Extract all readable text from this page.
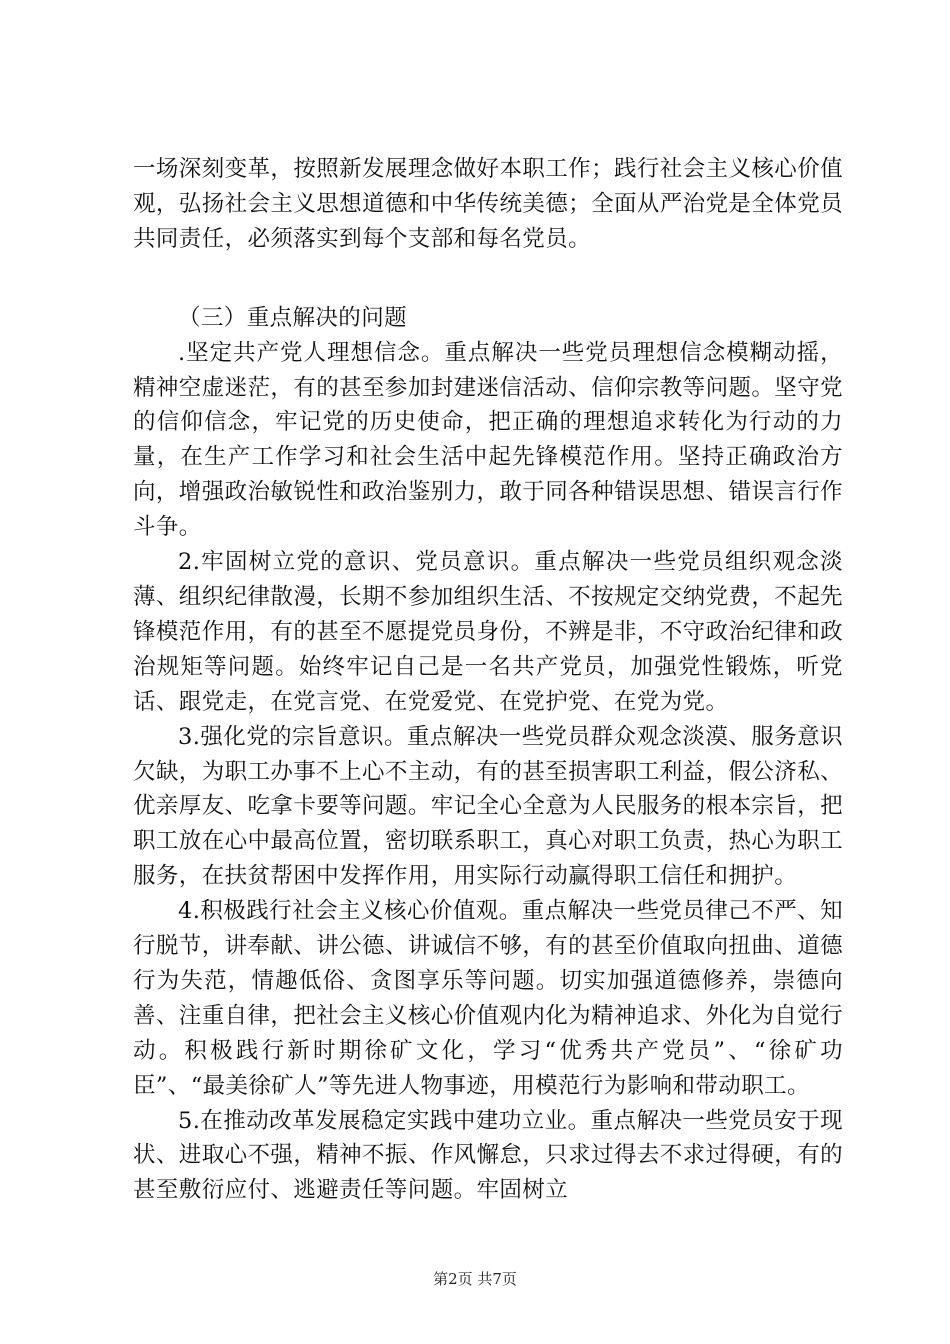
一场深刻变革，按照新发展理念做好本职工作；践行社会主义核心价值观，弘扬社会主义思想道德和中华传统美德；全面从严治党是全体党员共同责任，必须落实到每个支部和每名党员。

（三）重点解决的问题

.坚定共产党人理想信念。重点解决一些党员理想信念模糊动摇，精神空虚迷茫，有的甚至参加封建迷信活动、信仰宗教等问题。坚守党的信仰信念，牢记党的历史使命，把正确的理想追求转化为行动的力量，在生产工作学习和社会生活中起先锋模范作用。坚持正确政治方向，增强政治敏锐性和政治鉴别力，敢于同各种错误思想、错误言行作斗争。

2.牢固树立党的意识、党员意识。重点解决一些党员组织观念淡薄、组织纪律散漫，长期不参加组织生活、不按规定交纳党费，不起先锋模范作用，有的甚至不愿提党员身份，不辨是非，不守政治纪律和政治规矩等问题。始终牢记自己是一名共产党员，加强党性锻炼，听党话、跟党走，在党言党、在党爱党、在党护党、在党为党。

3.强化党的宗旨意识。重点解决一些党员群众观念淡漠、服务意识欠缺，为职工办事不上心不主动，有的甚至损害职工利益，假公济私、优亲厚友、吃拿卡要等问题。牢记全心全意为人民服务的根本宗旨，把职工放在心中最高位置，密切联系职工，真心对职工负责，热心为职工服务，在扶贫帮困中发挥作用，用实际行动赢得职工信任和拥护。

4.积极践行社会主义核心价值观。重点解决一些党员律己不严、知行脱节，讲奉献、讲公德、讲诚信不够，有的甚至价值取向扭曲、道德行为失范，情趣低俗、贪图享乐等问题。切实加强道德修养，崇德向善、注重自律，把社会主义核心价值观内化为精神追求、外化为自觉行动。积极践行新时期徐矿文化，学习“优秀共产党员”、“徐矿功臣”、“最美徐矿人”等先进人物事迹，用模范行为影响和带动职工。

5.在推动改革发展稳定实践中建功立业。重点解决一些党员安于现状、进取心不强，精神不振、作风懈怠，只求过得去不求过得硬，有的甚至敷衍应付、逃避责任等问题。牢固树立

第2页 共7页
